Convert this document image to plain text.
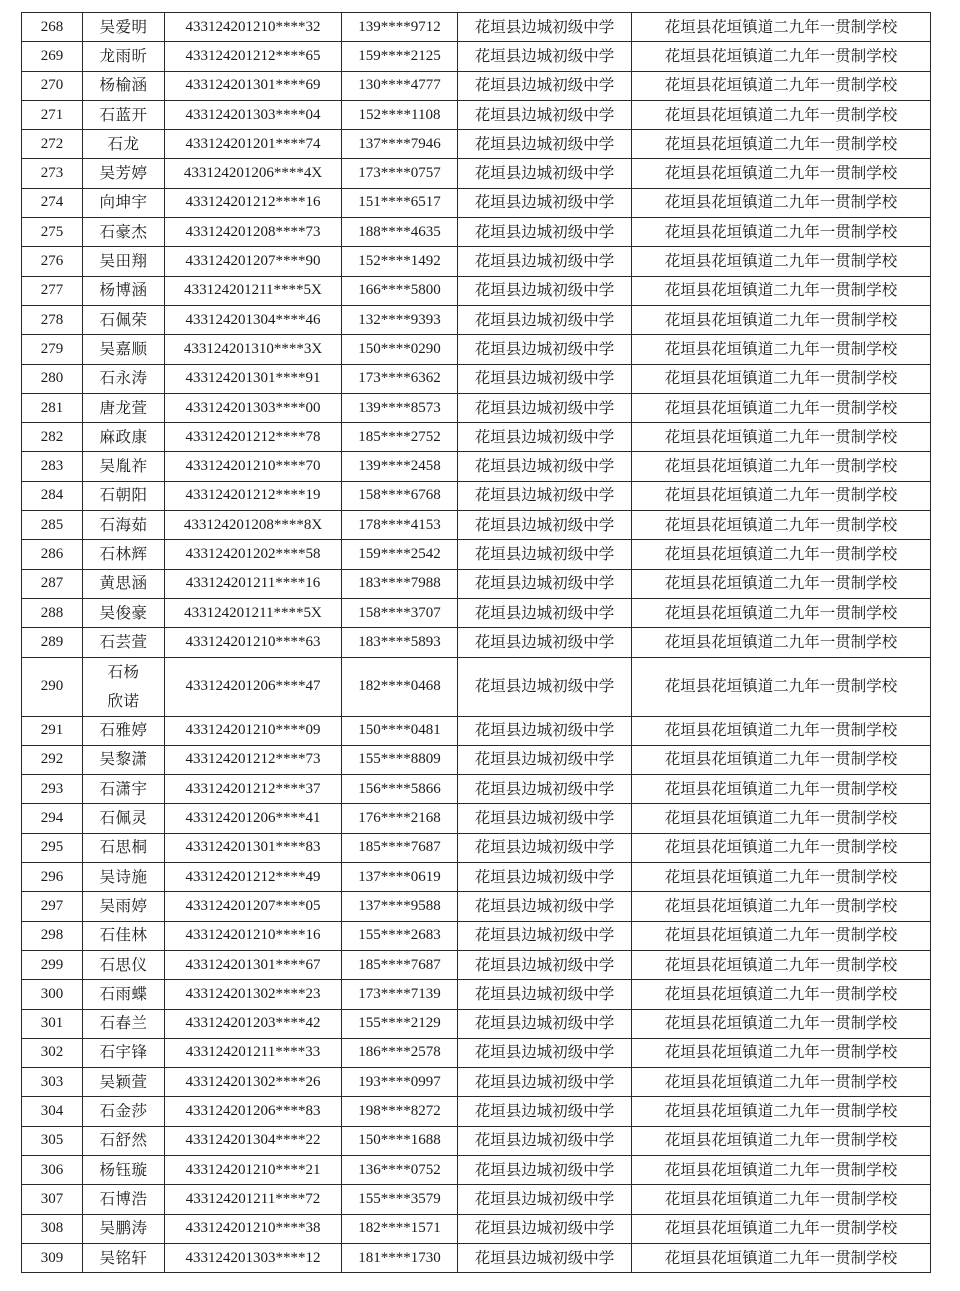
268	吴爱明	433124201210****32	139****9712	花垣县边城初级中学	花垣县花垣镇道二九年一贯制学校
269	龙雨昕	433124201212****65	159****2125	花垣县边城初级中学	花垣县花垣镇道二九年一贯制学校
270	杨榆涵	433124201301****69	130****4777	花垣县边城初级中学	花垣县花垣镇道二九年一贯制学校
271	石蓝开	433124201303****04	152****1108	花垣县边城初级中学	花垣县花垣镇道二九年一贯制学校
272	石龙	433124201201****74	137****7946	花垣县边城初级中学	花垣县花垣镇道二九年一贯制学校
273	吴芳婷	433124201206****4X	173****0757	花垣县边城初级中学	花垣县花垣镇道二九年一贯制学校
274	向坤宇	433124201212****16	151****6517	花垣县边城初级中学	花垣县花垣镇道二九年一贯制学校
275	石豪杰	433124201208****73	188****4635	花垣县边城初级中学	花垣县花垣镇道二九年一贯制学校
276	吴田翔	433124201207****90	152****1492	花垣县边城初级中学	花垣县花垣镇道二九年一贯制学校
277	杨博涵	433124201211****5X	166****5800	花垣县边城初级中学	花垣县花垣镇道二九年一贯制学校
278	石佩荣	433124201304****46	132****9393	花垣县边城初级中学	花垣县花垣镇道二九年一贯制学校
279	吴嘉顺	433124201310****3X	150****0290	花垣县边城初级中学	花垣县花垣镇道二九年一贯制学校
280	石永涛	433124201301****91	173****6362	花垣县边城初级中学	花垣县花垣镇道二九年一贯制学校
281	唐龙萱	433124201303****00	139****8573	花垣县边城初级中学	花垣县花垣镇道二九年一贯制学校
282	麻政康	433124201212****78	185****2752	花垣县边城初级中学	花垣县花垣镇道二九年一贯制学校
283	吴胤祚	433124201210****70	139****2458	花垣县边城初级中学	花垣县花垣镇道二九年一贯制学校
284	石朝阳	433124201212****19	158****6768	花垣县边城初级中学	花垣县花垣镇道二九年一贯制学校
285	石海茹	433124201208****8X	178****4153	花垣县边城初级中学	花垣县花垣镇道二九年一贯制学校
286	石林辉	433124201202****58	159****2542	花垣县边城初级中学	花垣县花垣镇道二九年一贯制学校
287	黄思涵	433124201211****16	183****7988	花垣县边城初级中学	花垣县花垣镇道二九年一贯制学校
288	吴俊豪	433124201211****5X	158****3707	花垣县边城初级中学	花垣县花垣镇道二九年一贯制学校
289	石芸萱	433124201210****63	183****5893	花垣县边城初级中学	花垣县花垣镇道二九年一贯制学校
290	石杨欣诺	433124201206****47	182****0468	花垣县边城初级中学	花垣县花垣镇道二九年一贯制学校
291	石雅婷	433124201210****09	150****0481	花垣县边城初级中学	花垣县花垣镇道二九年一贯制学校
292	吴黎潇	433124201212****73	155****8809	花垣县边城初级中学	花垣县花垣镇道二九年一贯制学校
293	石潇宇	433124201212****37	156****5866	花垣县边城初级中学	花垣县花垣镇道二九年一贯制学校
294	石佩灵	433124201206****41	176****2168	花垣县边城初级中学	花垣县花垣镇道二九年一贯制学校
295	石思桐	433124201301****83	185****7687	花垣县边城初级中学	花垣县花垣镇道二九年一贯制学校
296	吴诗施	433124201212****49	137****0619	花垣县边城初级中学	花垣县花垣镇道二九年一贯制学校
297	吴雨婷	433124201207****05	137****9588	花垣县边城初级中学	花垣县花垣镇道二九年一贯制学校
298	石佳林	433124201210****16	155****2683	花垣县边城初级中学	花垣县花垣镇道二九年一贯制学校
299	石思仪	433124201301****67	185****7687	花垣县边城初级中学	花垣县花垣镇道二九年一贯制学校
300	石雨蝶	433124201302****23	173****7139	花垣县边城初级中学	花垣县花垣镇道二九年一贯制学校
301	石春兰	433124201203****42	155****2129	花垣县边城初级中学	花垣县花垣镇道二九年一贯制学校
302	石宇锋	433124201211****33	186****2578	花垣县边城初级中学	花垣县花垣镇道二九年一贯制学校
303	吴颖萱	433124201302****26	193****0997	花垣县边城初级中学	花垣县花垣镇道二九年一贯制学校
304	石金莎	433124201206****83	198****8272	花垣县边城初级中学	花垣县花垣镇道二九年一贯制学校
305	石舒然	433124201304****22	150****1688	花垣县边城初级中学	花垣县花垣镇道二九年一贯制学校
306	杨钰璇	433124201210****21	136****0752	花垣县边城初级中学	花垣县花垣镇道二九年一贯制学校
307	石博浩	433124201211****72	155****3579	花垣县边城初级中学	花垣县花垣镇道二九年一贯制学校
308	吴鹏涛	433124201210****38	182****1571	花垣县边城初级中学	花垣县花垣镇道二九年一贯制学校
309	吴铭轩	433124201303****12	181****1730	花垣县边城初级中学	花垣县花垣镇道二九年一贯制学校
